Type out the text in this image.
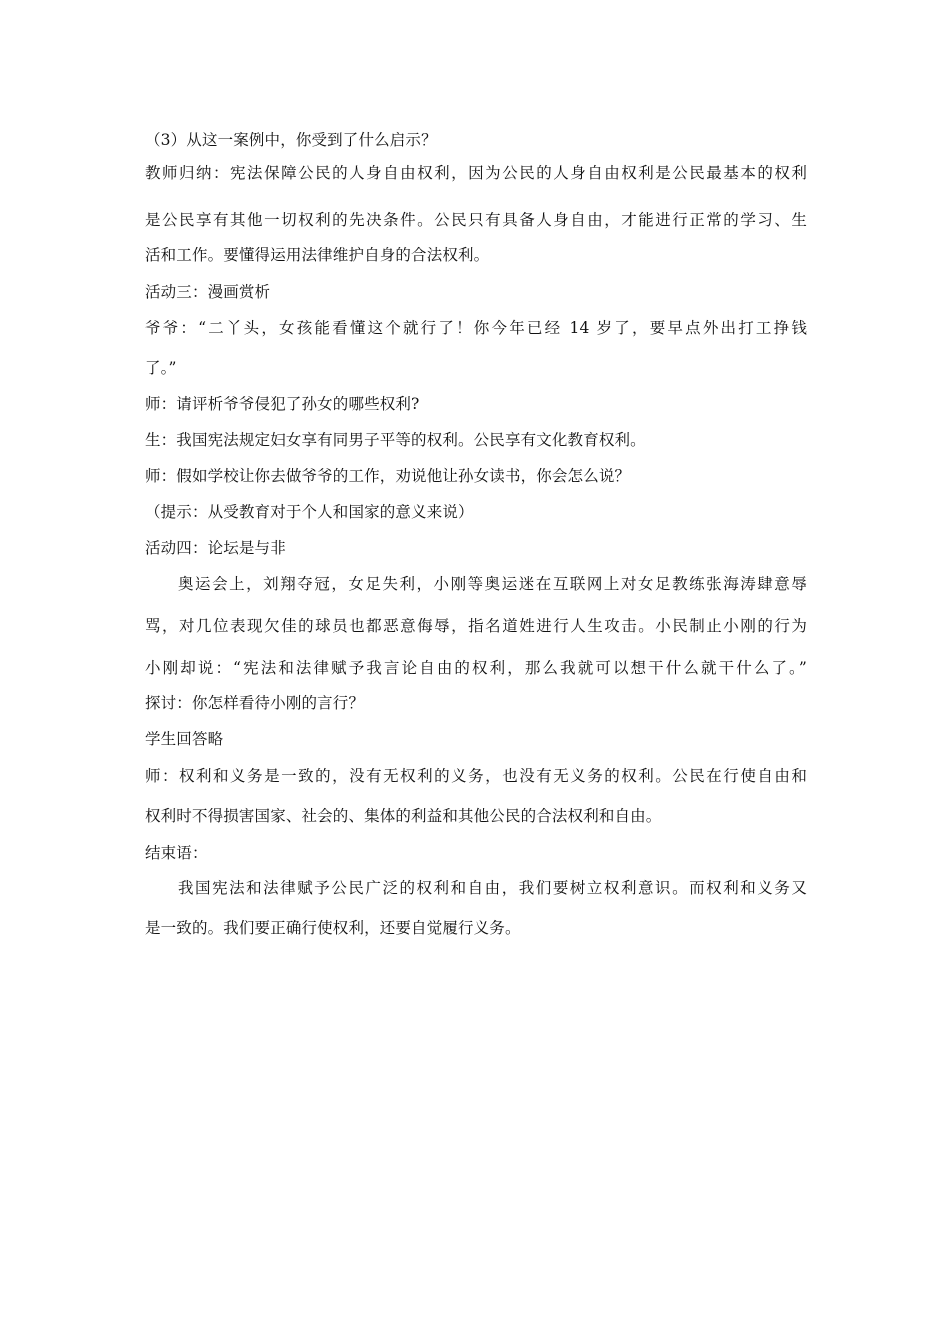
（3）从这一案例中，你受到了什么启示？
教师归纳：宪法保障公民的人身自由权利，因为公民的人身自由权利是公民最基本的权利
是公民享有其他一切权利的先决条件。公民只有具备人身自由，才能进行正常的学习、生
活和工作。要懂得运用法律维护自身的合法权利。
活动三：漫画赏析
爷爷：“二丫头，女孩能看懂这个就行了！你今年已经 14 岁了，要早点外出打工挣钱
了。”
师：请评析爷爷侵犯了孙女的哪些权利?
生：我国宪法规定妇女享有同男子平等的权利。公民享有文化教育权利。
师：假如学校让你去做爷爷的工作，劝说他让孙女读书，你会怎么说？
（提示：从受教育对于个人和国家的意义来说）
活动四：论坛是与非
奥运会上，刘翔夺冠，女足失利，小刚等奥运迷在互联网上对女足教练张海涛肆意辱
骂，对几位表现欠佳的球员也都恶意侮辱，指名道姓进行人生攻击。小民制止小刚的行为
小刚却说：“宪法和法律赋予我言论自由的权利，那么我就可以想干什么就干什么了。”
探讨：你怎样看待小刚的言行？
学生回答略
师：权利和义务是一致的，没有无权利的义务，也没有无义务的权利。公民在行使自由和
权利时不得损害国家、社会的、集体的利益和其他公民的合法权利和自由。
结束语：
我国宪法和法律赋予公民广泛的权利和自由，我们要树立权利意识。而权利和义务又
是一致的。我们要正确行使权利，还要自觉履行义务。
